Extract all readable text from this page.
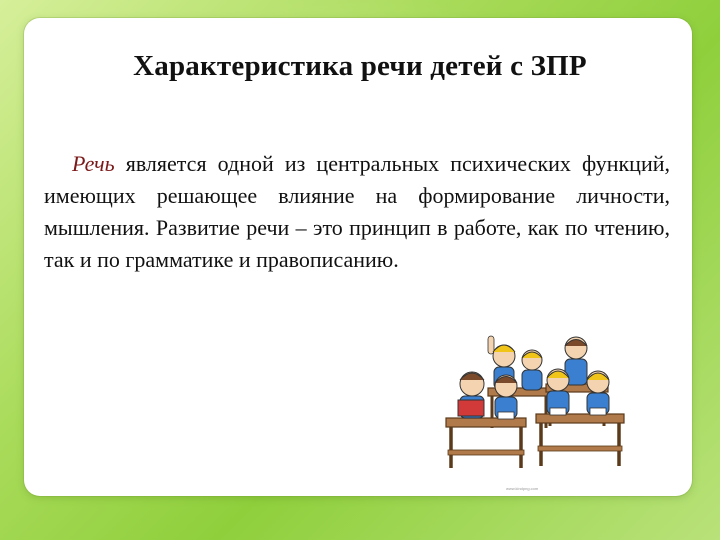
Характеристика речи детей с ЗПР
Речь является одной из центральных психических функций, имеющих решающее влияние на формирование личности, мышления. Развитие речи – это принцип в работе, как по чтению, так и по грамматике и правописанию.
www.kindpng.com
